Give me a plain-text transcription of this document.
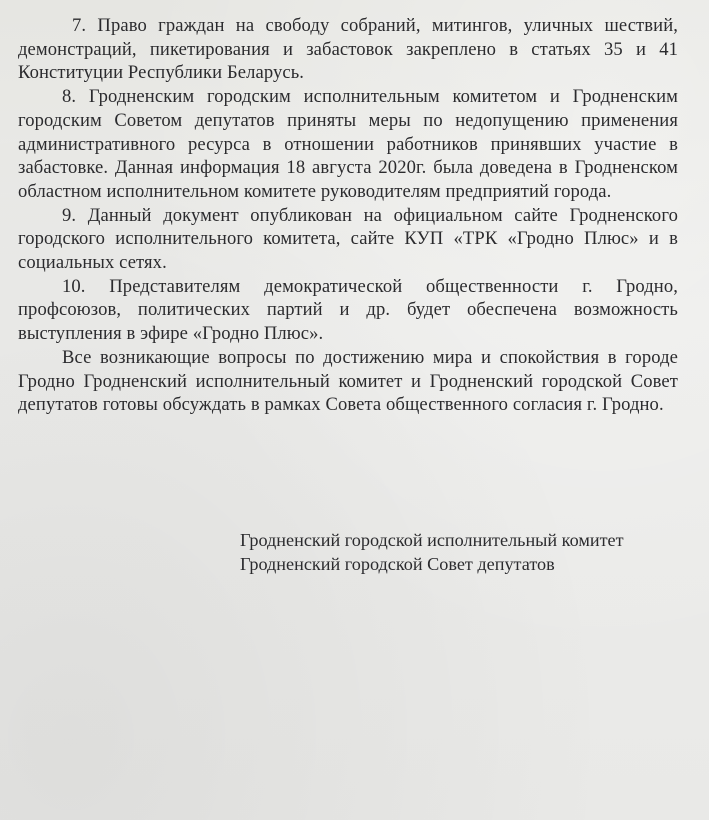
7. Право граждан на свободу собраний, митингов, уличных шествий, демонстраций, пикетирования и забастовок закреплено в статьях 35 и 41 Конституции Республики Беларусь.

8. Гродненским городским исполнительным комитетом и Гродненским городским Советом депутатов приняты меры по недопущению применения административного ресурса в отношении работников принявших участие в забастовке. Данная информация 18 августа 2020г. была доведена в Гродненском областном исполнительном комитете руководителям предприятий города.

9. Данный документ опубликован на официальном сайте Гродненского городского исполнительного комитета, сайте КУП «ТРК «Гродно Плюс» и в социальных сетях.

10. Представителям демократической общественности г. Гродно, профсоюзов, политических партий и др. будет обеспечена возможность выступления в эфире «Гродно Плюс».

Все возникающие вопросы по достижению мира и спокойствия в городе Гродно Гродненский исполнительный комитет и Гродненский городской Совет депутатов готовы обсуждать в рамках Совета общественного согласия г. Гродно.

Гродненский городской исполнительный комитет
Гродненский городской Совет депутатов
